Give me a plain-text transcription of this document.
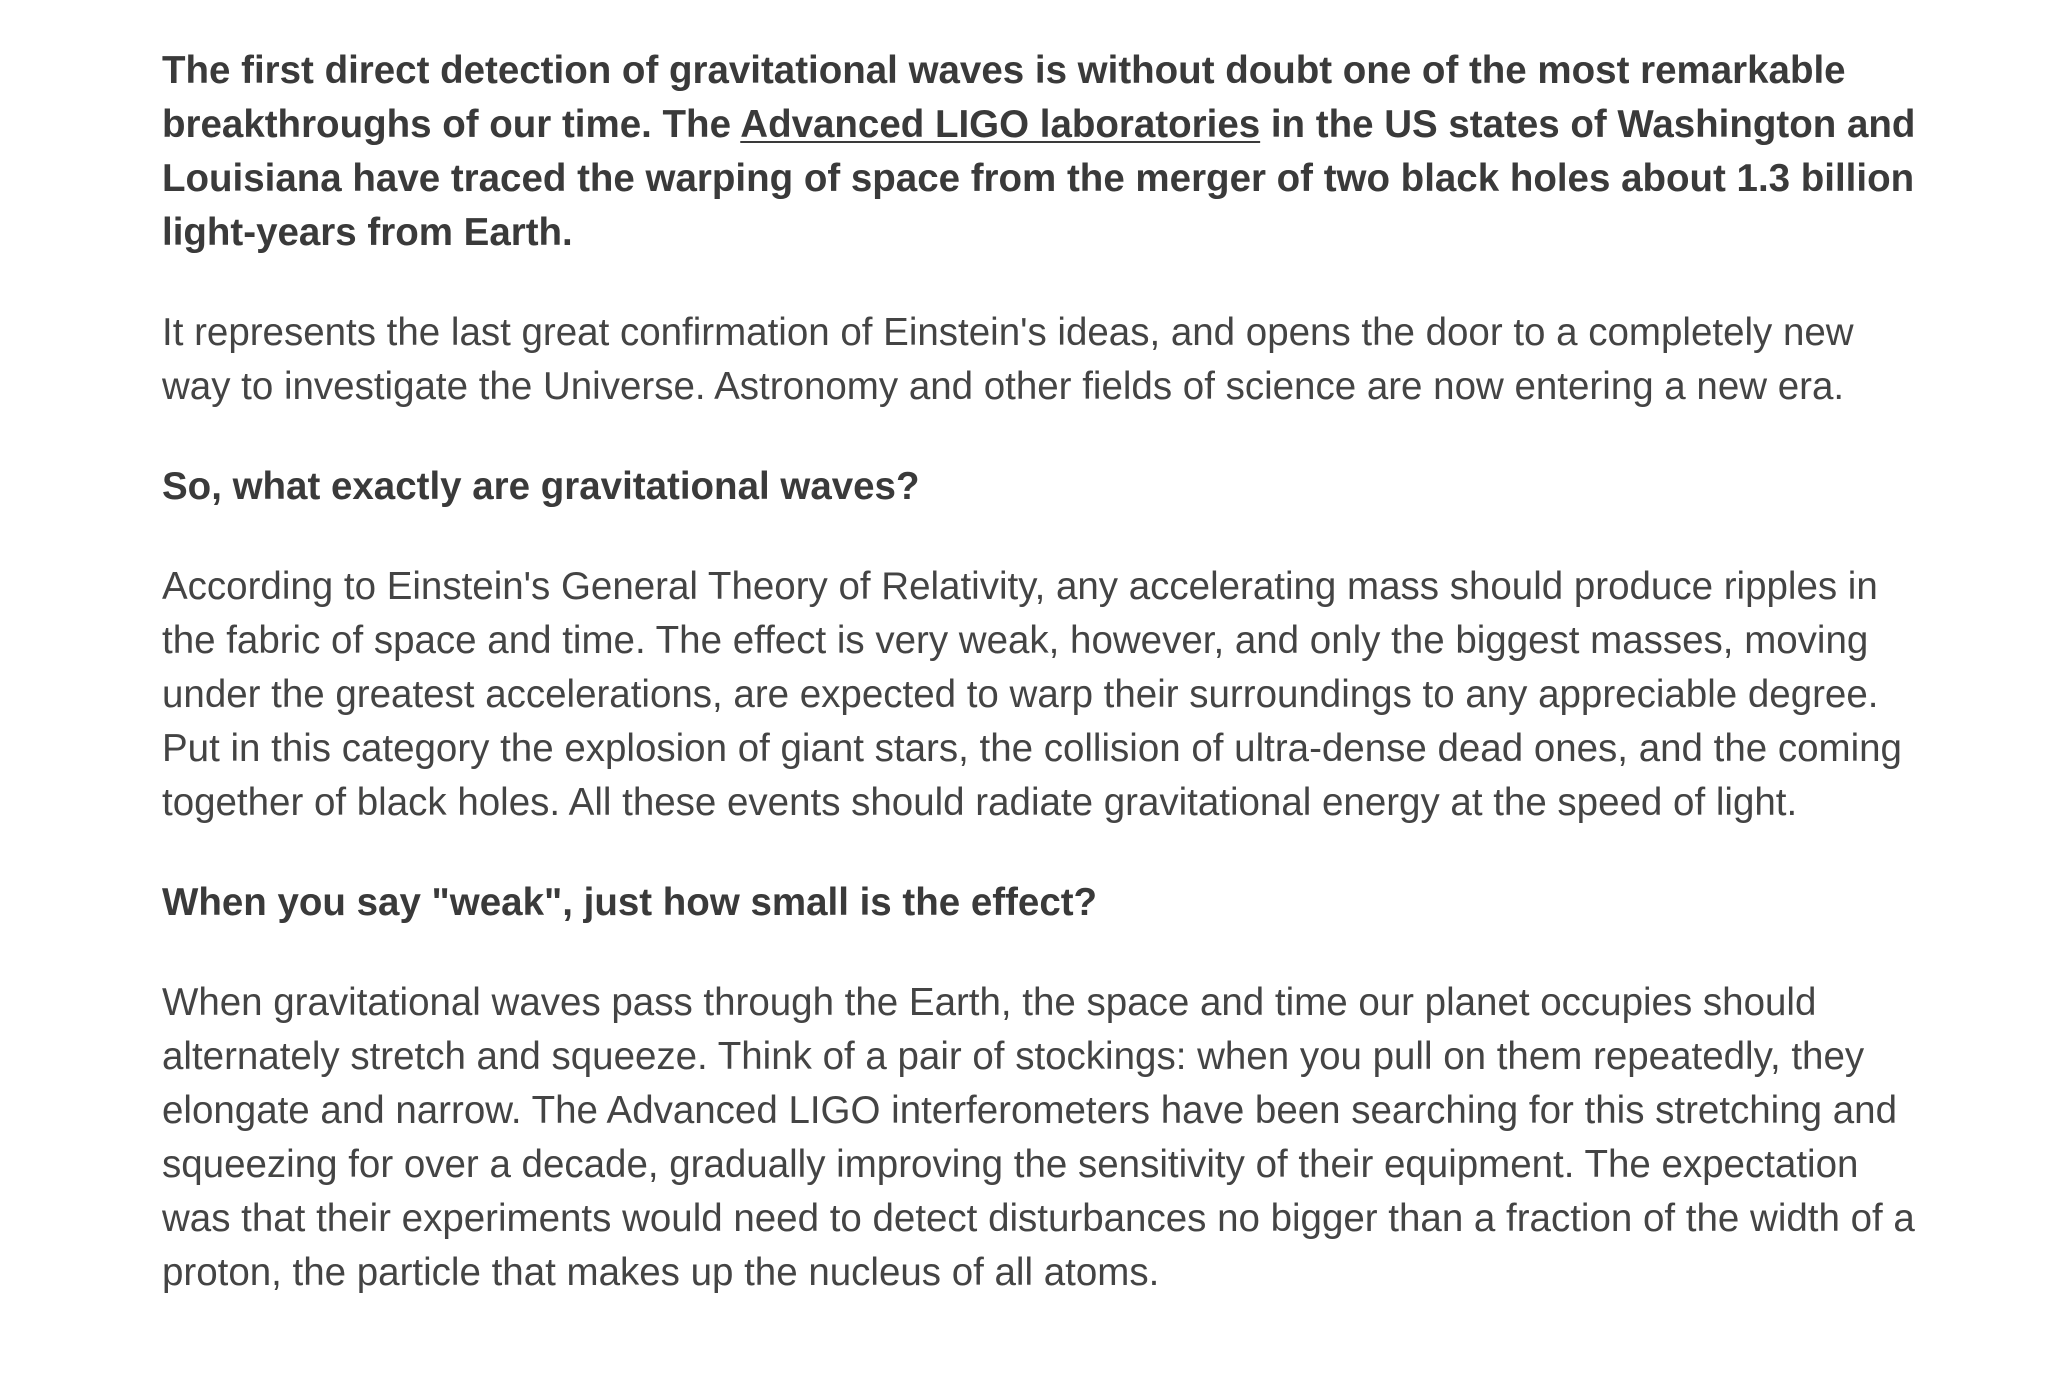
The first direct detection of gravitational waves is without doubt one of the most remarkable breakthroughs of our time. The Advanced LIGO laboratories in the US states of Washington and Louisiana have traced the warping of space from the merger of two black holes about 1.3 billion light-years from Earth.

It represents the last great confirmation of Einstein's ideas, and opens the door to a completely new way to investigate the Universe. Astronomy and other fields of science are now entering a new era.

So, what exactly are gravitational waves?

According to Einstein's General Theory of Relativity, any accelerating mass should produce ripples in the fabric of space and time. The effect is very weak, however, and only the biggest masses, moving under the greatest accelerations, are expected to warp their surroundings to any appreciable degree. Put in this category the explosion of giant stars, the collision of ultra-dense dead ones, and the coming together of black holes. All these events should radiate gravitational energy at the speed of light.

When you say "weak", just how small is the effect?

When gravitational waves pass through the Earth, the space and time our planet occupies should alternately stretch and squeeze. Think of a pair of stockings: when you pull on them repeatedly, they elongate and narrow. The Advanced LIGO interferometers have been searching for this stretching and squeezing for over a decade, gradually improving the sensitivity of their equipment. The expectation was that their experiments would need to detect disturbances no bigger than a fraction of the width of a proton, the particle that makes up the nucleus of all atoms.
